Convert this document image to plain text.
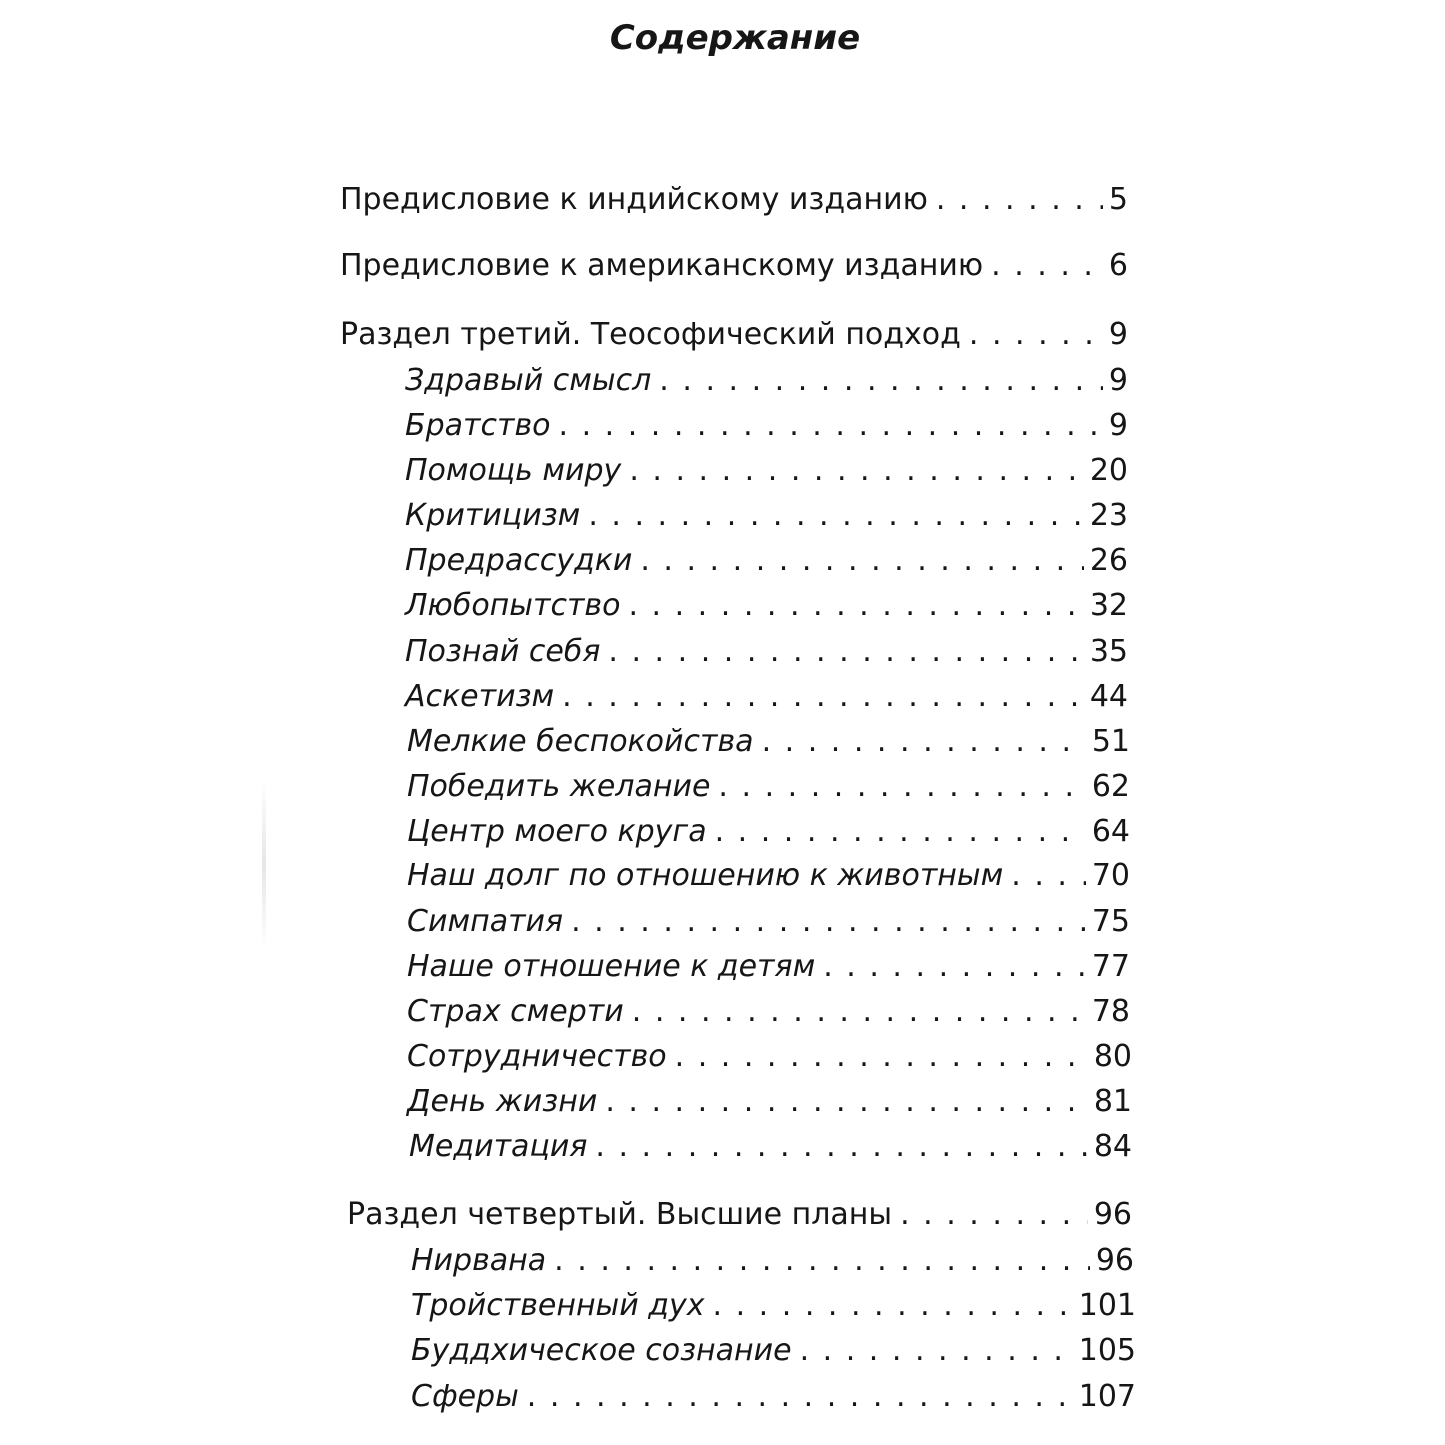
Содержание
Предисловие к индийскому изданию . . .	5
Предисловие к американскому изданию . . .	6
Раздел третий. Теософический подход . . .	9
Здравый смысл . . .	9
Братство . . .	9
Помощь миру . . .	20
Критицизм . . .	23
Предрассудки . . .	26
Любопытство . . .	32
Познай себя . . .	35
Аскетизм . . .	44
Мелкие беспокойства . . .	51
Победить желание . . .	62
Центр моего круга . . .	64
Наш долг по отношению к животным . . .	70
Симпатия . . .	75
Наше отношение к детям . . .	77
Страх смерти . . .	78
Сотрудничество . . .	80
День жизни . . .	81
Медитация . . .	84
Раздел четвертый. Высшие планы . . .	96
Нирвана . . .	96
Тройственный дух . . .	101
Буддхическое сознание . . .	105
Сферы . . .	107
